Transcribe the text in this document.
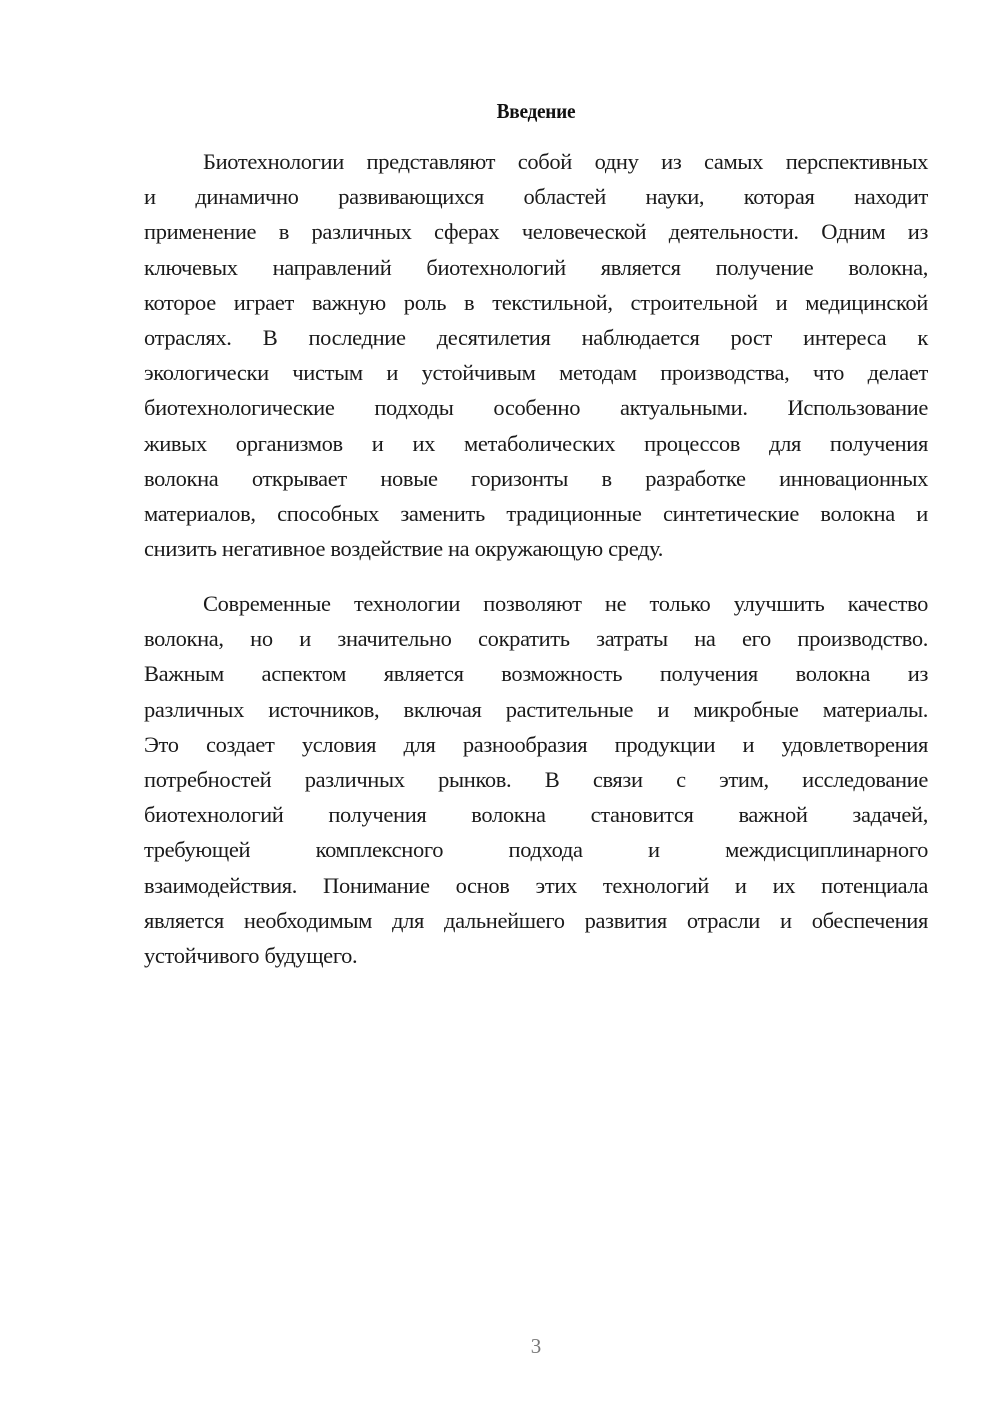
Введение
Биотехнологии представляют собой одну из самых перспективных
и динамично развивающихся областей науки, которая находит
применение в различных сферах человеческой деятельности. Одним из
ключевых направлений биотехнологий является получение волокна,
которое играет важную роль в текстильной, строительной и медицинской
отраслях. В последние десятилетия наблюдается рост интереса к
экологически чистым и устойчивым методам производства, что делает
биотехнологические подходы особенно актуальными. Использование
живых организмов и их метаболических процессов для получения
волокна открывает новые горизонты в разработке инновационных
материалов, способных заменить традиционные синтетические волокна и
снизить негативное воздействие на окружающую среду.
Современные технологии позволяют не только улучшить качество
волокна, но и значительно сократить затраты на его производство.
Важным аспектом является возможность получения волокна из
различных источников, включая растительные и микробные материалы.
Это создает условия для разнообразия продукции и удовлетворения
потребностей различных рынков. В связи с этим, исследование
биотехнологий получения волокна становится важной задачей,
требующей комплексного подхода и междисциплинарного
взаимодействия. Понимание основ этих технологий и их потенциала
является необходимым для дальнейшего развития отрасли и обеспечения
устойчивого будущего.
3
